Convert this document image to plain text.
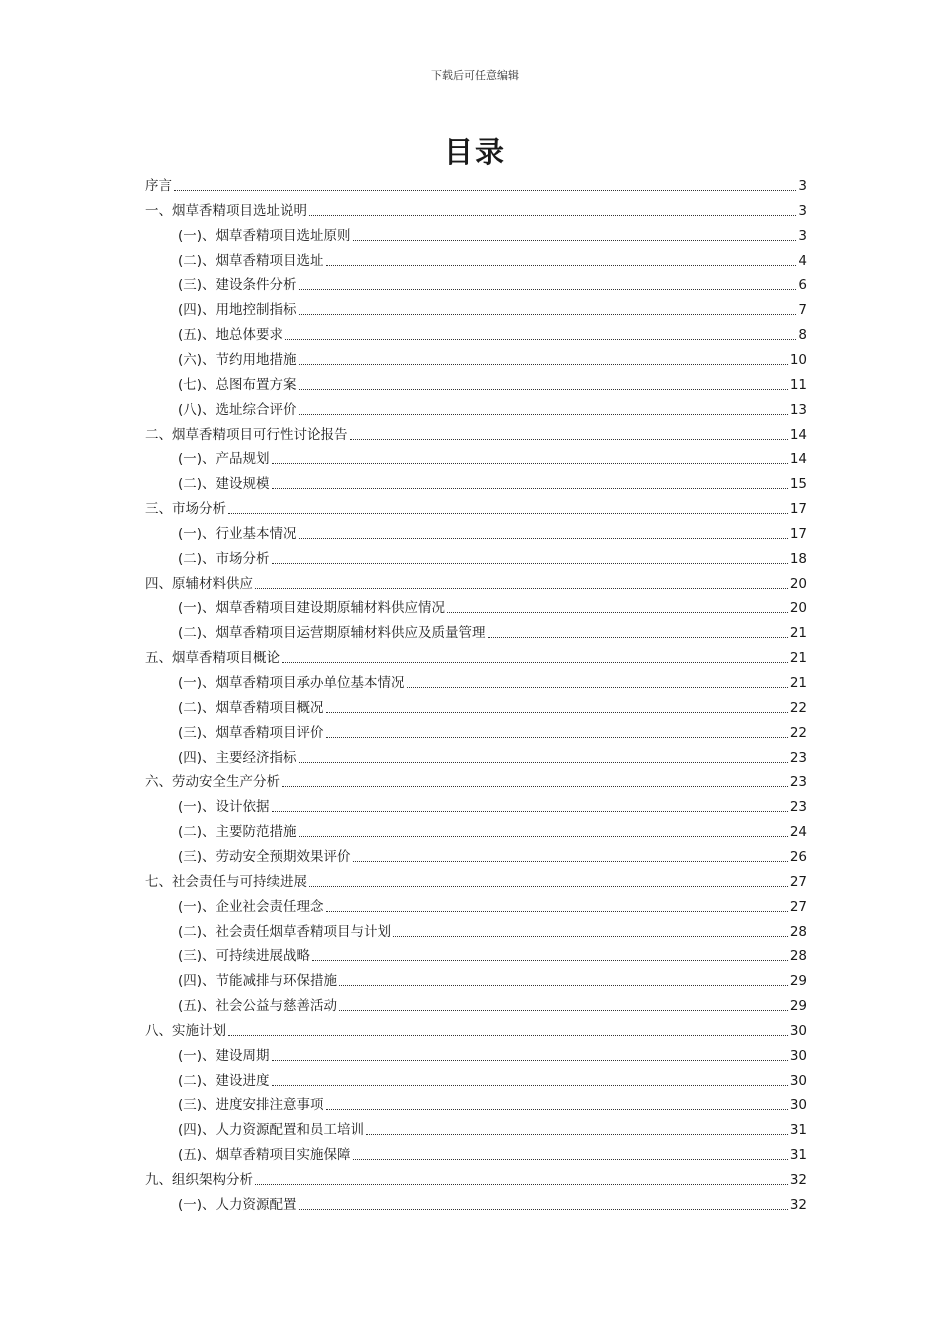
下载后可任意编辑
目录
序言	3
一、烟草香精项目选址说明	3
(一)、烟草香精项目选址原则	3
(二)、烟草香精项目选址	4
(三)、建设条件分析	6
(四)、用地控制指标	7
(五)、地总体要求	8
(六)、节约用地措施	10
(七)、总图布置方案	11
(八)、选址综合评价	13
二、烟草香精项目可行性讨论报告	14
(一)、产品规划	14
(二)、建设规模	15
三、市场分析	17
(一)、行业基本情况	17
(二)、市场分析	18
四、原辅材料供应	20
(一)、烟草香精项目建设期原辅材料供应情况	20
(二)、烟草香精项目运营期原辅材料供应及质量管理	21
五、烟草香精项目概论	21
(一)、烟草香精项目承办单位基本情况	21
(二)、烟草香精项目概况	22
(三)、烟草香精项目评价	22
(四)、主要经济指标	23
六、劳动安全生产分析	23
(一)、设计依据	23
(二)、主要防范措施	24
(三)、劳动安全预期效果评价	26
七、社会责任与可持续进展	27
(一)、企业社会责任理念	27
(二)、社会责任烟草香精项目与计划	28
(三)、可持续进展战略	28
(四)、节能减排与环保措施	29
(五)、社会公益与慈善活动	29
八、实施计划	30
(一)、建设周期	30
(二)、建设进度	30
(三)、进度安排注意事项	30
(四)、人力资源配置和员工培训	31
(五)、烟草香精项目实施保障	31
九、组织架构分析	32
(一)、人力资源配置	32
